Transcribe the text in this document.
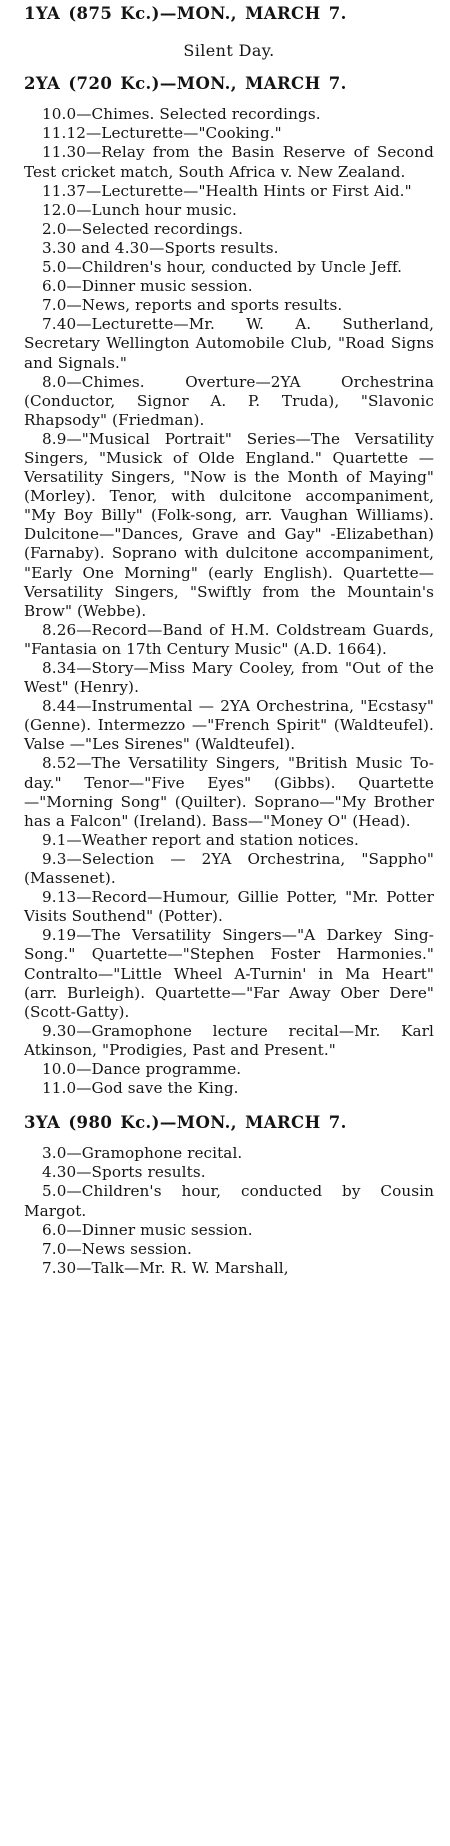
1YA (875 Kc.)—MON., MARCH 7.
Silent Day.
2YA (720 Kc.)—MON., MARCH 7.

10.0—Chimes. Selected recordings.

11.12—Lecturette—"Cooking."

11.30—Relay from the Basin Reserve of Second Test cricket match, South Africa v. New Zealand.

11.37—Lecturette—"Health Hints or First Aid."

12.0—Lunch hour music.

2.0—Selected recordings.

3.30 and 4.30—Sports results.

5.0—Children's hour, conducted by Uncle Jeff.

6.0—Dinner music session.

7.0—News, reports and sports results.

7.40—Lecturette—Mr. W. A. Sutherland, Secretary Wellington Automobile Club, "Road Signs and Signals."

8.0—Chimes. Overture—2YA Orchestrina (Conductor, Signor A. P. Truda), "Slavonic Rhapsody" (Friedman).

8.9—"Musical Portrait" Series—The Versatility Singers, "Musick of Olde England." Quartette — Versatility Singers, "Now is the Month of Maying" (Morley). Tenor, with dulcitone accompaniment, "My Boy Billy" (Folk-song, arr. Vaughan Williams). Dulcitone—"Dances, Grave and Gay" -Elizabethan) (Farnaby). Soprano with dulcitone accompaniment, "Early One Morning" (early English). Quartette—Versatility Singers, "Swiftly from the Mountain's Brow" (Webbe).

8.26—Record—Band of H.M. Coldstream Guards, "Fantasia on 17th Century Music" (A.D. 1664).

8.34—Story—Miss Mary Cooley, from "Out of the West" (Henry).

8.44—Instrumental — 2YA Orchestrina, "Ecstasy" (Genne). Intermezzo —"French Spirit" (Waldteufel). Valse —"Les Sirenes" (Waldteufel).

8.52—The Versatility Singers, "British Music To-day." Tenor—"Five Eyes" (Gibbs). Quartette—"Morning Song" (Quilter). Soprano—"My Brother has a Falcon" (Ireland). Bass—"Money O" (Head).

9.1—Weather report and station notices.

9.3—Selection — 2YA Orchestrina, "Sappho" (Massenet).

9.13—Record—Humour, Gillie Potter, "Mr. Potter Visits Southend" (Potter).

9.19—The Versatility Singers—"A Darkey Sing-Song." Quartette—"Stephen Foster Harmonies." Contralto—"Little Wheel A-Turnin' in Ma Heart" (arr. Burleigh). Quartette—"Far Away Ober Dere" (Scott-Gatty).

9.30—Gramophone lecture recital—Mr. Karl Atkinson, "Prodigies, Past and Present."

10.0—Dance programme.

11.0—God save the King.

3YA (980 Kc.)—MON., MARCH 7.

3.0—Gramophone recital.

4.30—Sports results.

5.0—Children's hour, conducted by Cousin Margot.

6.0—Dinner music session.

7.0—News session.

7.30—Talk—Mr. R. W. Marshall,
